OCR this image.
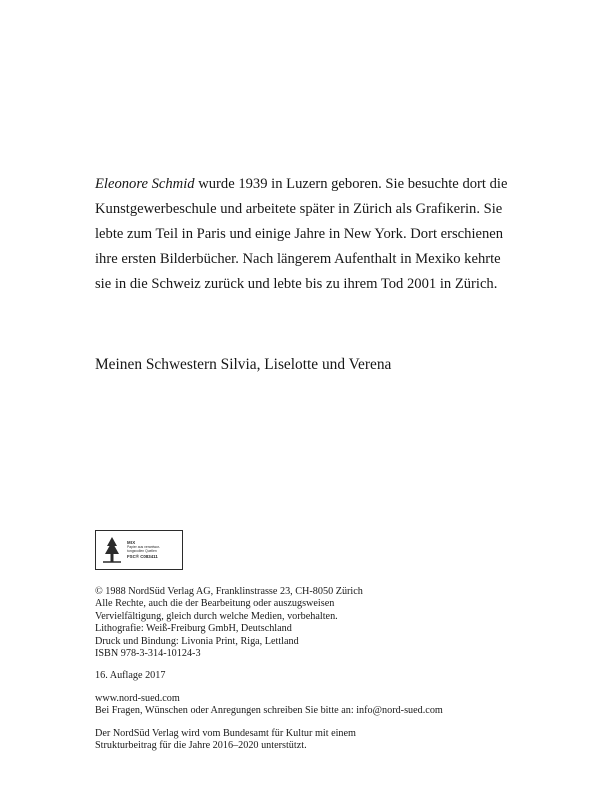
Eleonore Schmid wurde 1939 in Luzern geboren. Sie besuchte dort die Kunstgewerbeschule und arbeitete später in Zürich als Grafikerin. Sie lebte zum Teil in Paris und einige Jahre in New York. Dort erschienen ihre ersten Bilderbücher. Nach längerem Aufenthalt in Mexiko kehrte sie in die Schweiz zurück und lebte bis zu ihrem Tod 2001 in Zürich.

Meinen Schwestern Silvia, Liselotte und Verena

MIX
Papier aus verantwor-
tungsvollen Quellen
FSC® C083411
© 1988 NordSüd Verlag AG, Franklinstrasse 23, CH-8050 Zürich
Alle Rechte, auch die der Bearbeitung oder auszugsweisen
Vervielfältigung, gleich durch welche Medien, vorbehalten.
Lithografie: Weiß-Freiburg GmbH, Deutschland
Druck und Bindung: Livonia Print, Riga, Lettland
ISBN 978-3-314-10124-3
16. Auflage 2017
www.nord-sued.com
Bei Fragen, Wünschen oder Anregungen schreiben Sie bitte an: info@nord-sued.com
Der NordSüd Verlag wird vom Bundesamt für Kultur mit einem
Strukturbeitrag für die Jahre 2016–2020 unterstützt.
